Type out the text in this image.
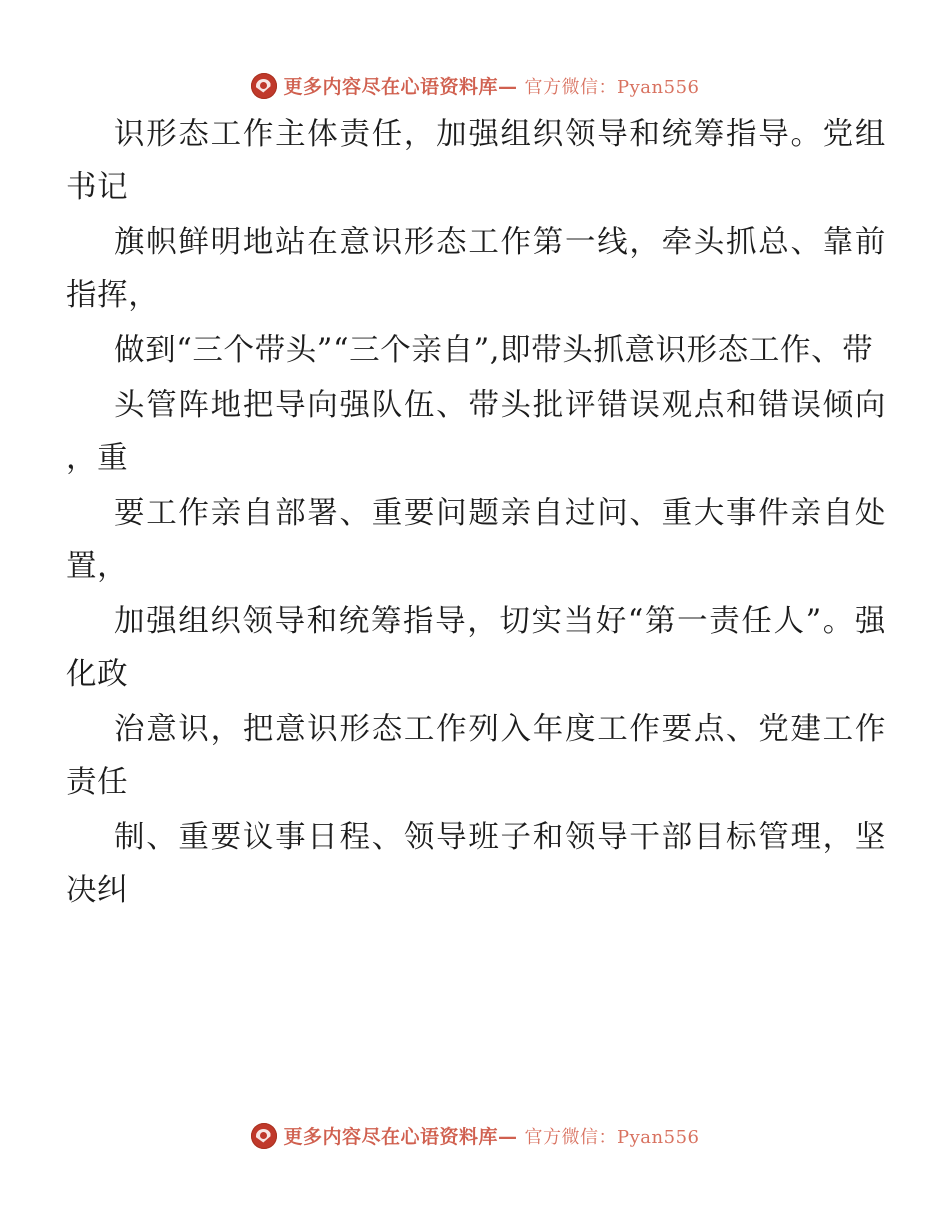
更多内容尽在心语资料库— 官方微信：Pyan556

识形态工作主体责任，加强组织领导和统筹指导。党组 书记

旗帜鲜明地站在意识形态工作第一线，牵头抓总、靠前指挥，

做到“三个带头”“三个亲自”,即带头抓意识形态工作、带

头管阵地把导向强队伍、带头批评错误观点和错误倾向 ，重

要工作亲自部署、重要问题亲自过问、重大事件亲自处置，

加强组织领导和统筹指导，切实当好“第一责任人”。强化政

治意识，把意识形态工作列入年度工作要点、党建工作责任

制、重要议事日程、领导班子和领导干部目标管理，坚决纠

更多内容尽在心语资料库— 官方微信：Pyan556
